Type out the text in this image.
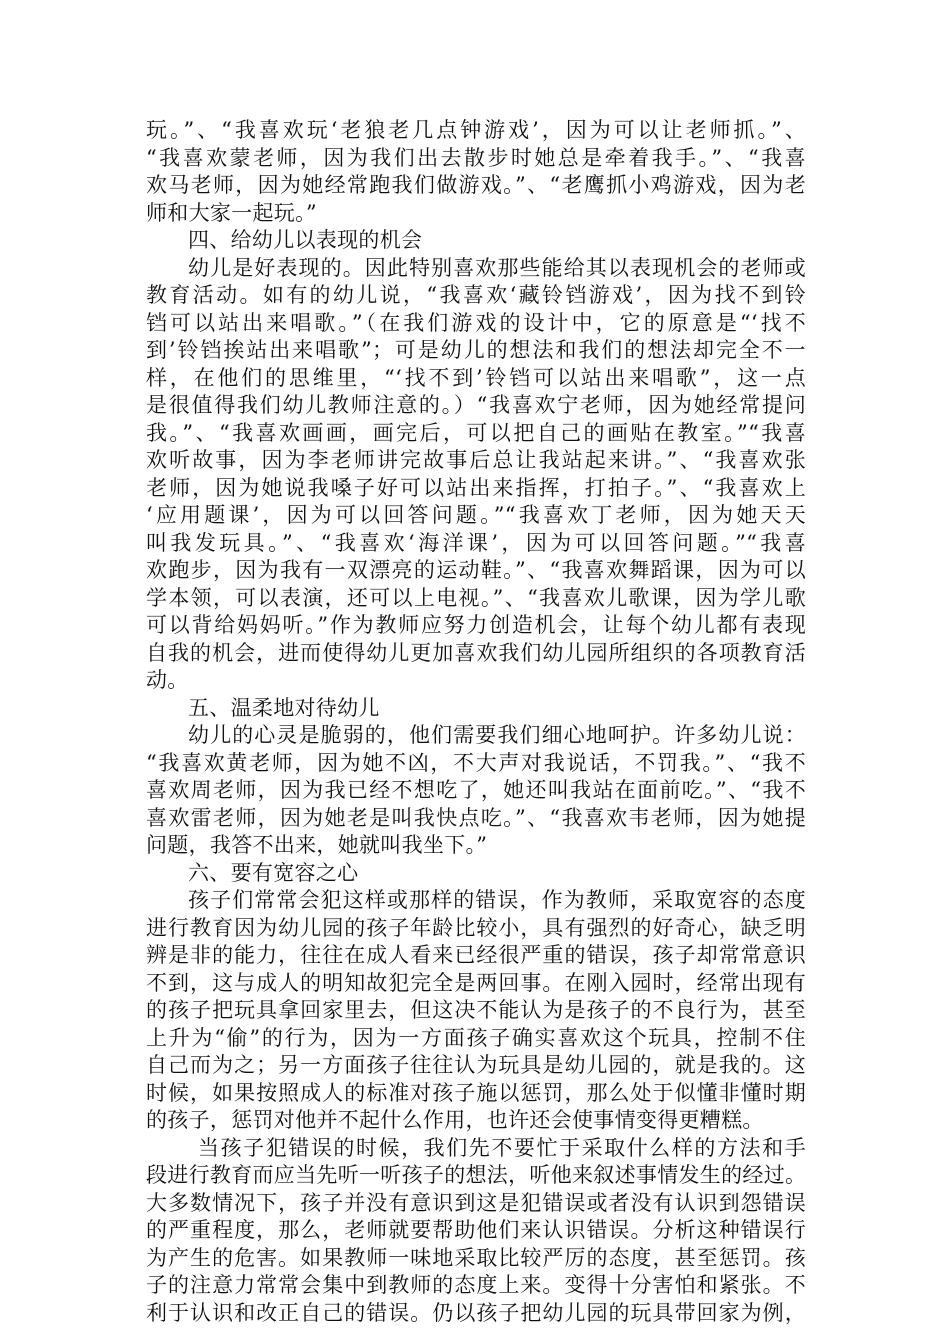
玩。”、“我喜欢玩‘老狼老几点钟游戏’，因为可以让老师抓。”、
“我喜欢蒙老师，因为我们出去散步时她总是牵着我手。”、“我喜
欢马老师，因为她经常跑我们做游戏。”、“老鹰抓小鸡游戏，因为老
师和大家一起玩。”
四、给幼儿以表现的机会
幼儿是好表现的。因此特别喜欢那些能给其以表现机会的老师或
教育活动。如有的幼儿说，“我喜欢‘藏铃铛游戏’，因为找不到铃
铛可以站出来唱歌。”（在我们游戏的设计中，它的原意是“‘找不
到’铃铛挨站出来唱歌”；可是幼儿的想法和我们的想法却完全不一
样，在他们的思维里，“‘找不到’铃铛可以站出来唱歌”，这一点
是很值得我们幼儿教师注意的。）“我喜欢宁老师，因为她经常提问
我。”、“我喜欢画画，画完后，可以把自己的画贴在教室。”“我喜
欢听故事，因为李老师讲完故事后总让我站起来讲。”、“我喜欢张
老师，因为她说我嗓子好可以站出来指挥，打拍子。”、“我喜欢上
‘应用题课’，因为可以回答问题。”“我喜欢丁老师，因为她天天
叫我发玩具。”、“我喜欢‘海洋课’，因为可以回答问题。”“我喜
欢跑步，因为我有一双漂亮的运动鞋。”、“我喜欢舞蹈课，因为可以
学本领，可以表演，还可以上电视。”、“我喜欢儿歌课，因为学儿歌
可以背给妈妈听。”作为教师应努力创造机会，让每个幼儿都有表现
自我的机会，进而使得幼儿更加喜欢我们幼儿园所组织的各项教育活
动。
五、温柔地对待幼儿
幼儿的心灵是脆弱的，他们需要我们细心地呵护。许多幼儿说：
“我喜欢黄老师，因为她不凶，不大声对我说话，不罚我。”、“我不
喜欢周老师，因为我已经不想吃了，她还叫我站在面前吃。”、“我不
喜欢雷老师，因为她老是叫我快点吃。”、“我喜欢韦老师，因为她提
问题，我答不出来，她就叫我坐下。”
六、要有宽容之心
孩子们常常会犯这样或那样的错误，作为教师，采取宽容的态度
进行教育因为幼儿园的孩子年龄比较小，具有强烈的好奇心，缺乏明
辨是非的能力，往往在成人看来已经很严重的错误，孩子却常常意识
不到，这与成人的明知故犯完全是两回事。在刚入园时，经常出现有
的孩子把玩具拿回家里去，但这决不能认为是孩子的不良行为，甚至
上升为“偷”的行为，因为一方面孩子确实喜欢这个玩具，控制不住
自己而为之；另一方面孩子往往认为玩具是幼儿园的，就是我的。这
时候，如果按照成人的标准对孩子施以惩罚，那么处于似懂非懂时期
的孩子，惩罚对他并不起什么作用，也许还会使事情变得更糟糕。
当孩子犯错误的时候，我们先不要忙于采取什么样的方法和手
段进行教育而应当先听一听孩子的想法，听他来叙述事情发生的经过。
大多数情况下，孩子并没有意识到这是犯错误或者没有认识到怨错误
的严重程度，那么，老师就要帮助他们来认识错误。分析这种错误行
为产生的危害。如果教师一味地采取比较严厉的态度，甚至惩罚。孩
子的注意力常常会集中到教师的态度上来。变得十分害怕和紧张。不
利于认识和改正自己的错误。仍以孩子把幼儿园的玩具带回家为例，
